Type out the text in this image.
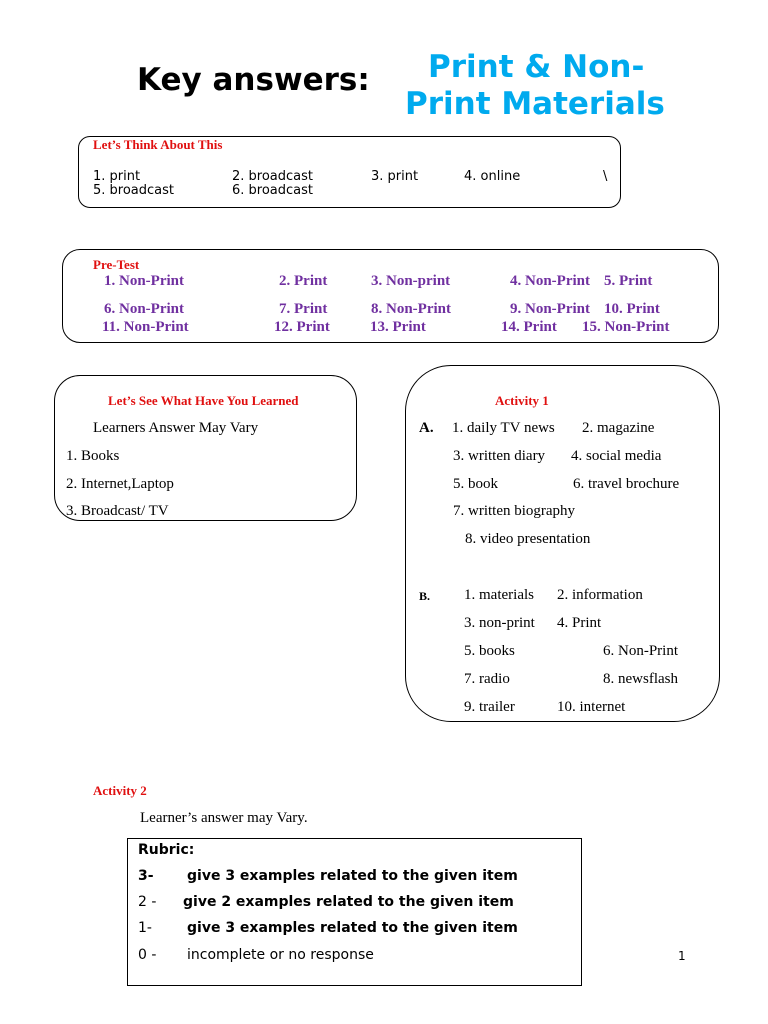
Key answers: Print & Non-
Print Materials
Let’s Think About This
1. print	2. broadcast	3. print	4. online	\
5. broadcast	6. broadcast
Pre-Test
1. Non-Print	2. Print	3. Non-print	4. Non-Print 5. Print
6. Non-Print	7. Print	8. Non-Print	9. Non-Print 10. Print
11. Non-Print	12. Print	13. Print	14. Print 15. Non-Print
Let’s See What Have You Learned
Learners Answer May Vary
1. Books
2. Internet,Laptop
3. Broadcast/ TV
Activity 1
A. 1. daily TV news 2. magazine
3. written diary 4. social media
5. book	6. travel brochure
7. written biography
8. video presentation
B. 1. materials 2. information
3. non-print 4. Print
5. books	6. Non-Print
7. radio	8. newsflash
9. trailer	10. internet
Activity 2
Learner’s answer may Vary.
Rubric:
3- give 3 examples related to the given item
2 - give 2 examples related to the given item
1-	give 3 examples related to the given item
0 - incomplete or no response	1
